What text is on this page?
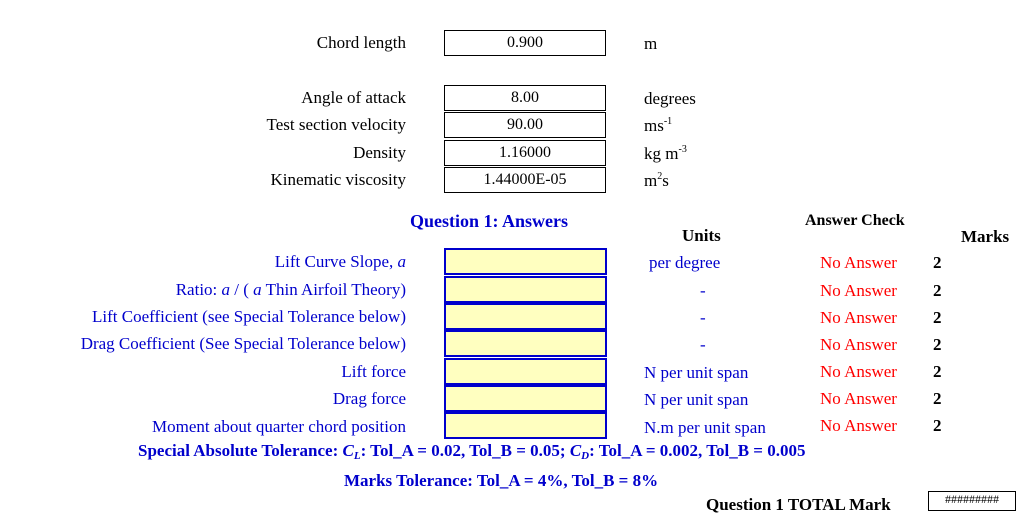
Chord length	0.900	m
Angle of attack	8.00	degrees
Test section velocity	90.00	$ms^{-1}$
Density	1.16000	kg $m^{-3}$
Kinematic viscosity	1.44000E-05	$m^2s$
Question 1: Answers
Units
Answer Check
Marks
Lift Curve Slope, a	per degree	No Answer 2
Ratio: a / ( a Thin Airfoil Theory)	-	No Answer 2
Lift Coefficient (see Special Tolerance below)	-	No Answer 2
Drag Coefficient (See Special Tolerance below)	-	No Answer 2
Lift force	N per unit span	No Answer 2
Drag force	N per unit span	No Answer 2
Moment about quarter chord position	N.m per unit span	No Answer 2
Special Absolute Tolerance: $C_L$: Tol_A = 0.02, Tol_B = 0.05; $C_D$: Tol_A = 0.002, Tol_B = 0.005
Marks Tolerance: Tol_A = 4%, Tol_B = 8%
Question 1 TOTAL Mark	#########
